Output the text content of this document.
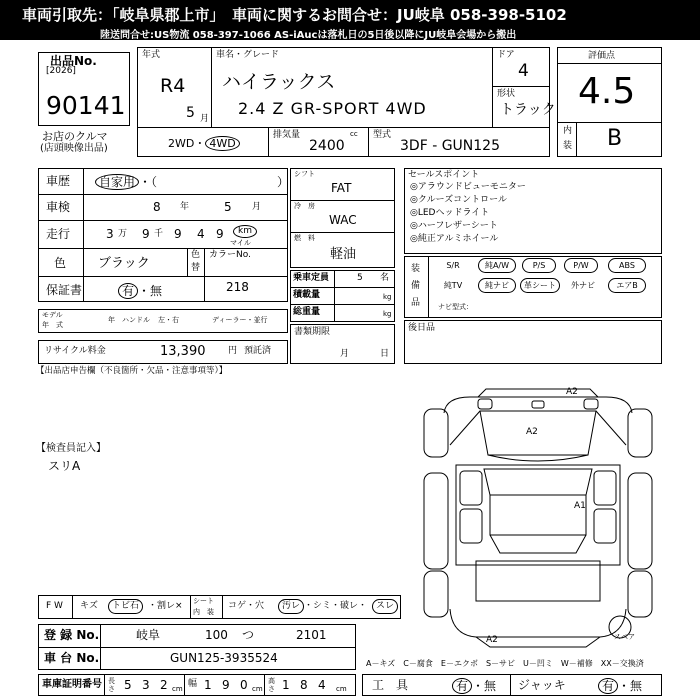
車両引取先：「岐阜県郡上市」　車両に関するお問合せ：JU岐阜 058-398-5102
陸送問合せ:US物流 058-397-1066 AS-iAucは落札日の5日後以降にJU岐阜会場から搬出
出品No.
[2026]
90141
お店のクルマ
(店頭映像出品)
年式
R4
5 月
車名・グレード
ハイラックス
2.4 Z GR-SPORT 4WD
ドア
4
形状
トラック
2WD・ 4WD
排気量	cc
2400
型式
3DF - GUN125
評価点
4.5
内
装 B
車歴	自家用 ・（　　　　　　　　　　）
車検	8 年	5 月
走行	3 万 9 千 9 4 9	km
マイル
色 ブラック
色
替
カラーNo.
218
保証書	有 ・無
モデル
年　式
年 ハンドル 左・右	ディーラー・並行
リサイクル料金	13,390	円 預託済
シフト
FAT
冷　房
WAC
燃　料
軽油
乗車定員	5 名
積載量	kg
総重量	kg
書類期限
月	日
セールスポイント
◎アラウンドビューモニター
◎クルーズコントロール
◎LEDヘッドライト
◎ハーフレザーシート
◎純正アルミホイール
装
備
品
S/R	純A/W	P/S	P/W	ABS
純TV	純ナビ	革シート	外ナビ	エアB
ナビ型式：
後日品
【出品店申告欄（不良箇所・欠品・注意事項等）】
【検査員記入】
スリA
A2
A2
A1
A2	スペア
A－キズ　C－腐食　E－エクボ　S－サビ　U－凹ミ　W－補修　XX－交換済
F W キズ	トビ石 ・割レ× シート
内　装
コゲ・穴	汚レ ・シミ・破レ・ スレ
登 録 No.	岐阜	100 つ	2101
車 台 No.	GUN125-3935524
車庫証明番号 長さ 5 3 2 cm 幅 1 9 0 cm
高さ 1 8 4 cm 工　具	有 ・無 ジャッキ	有 ・無
